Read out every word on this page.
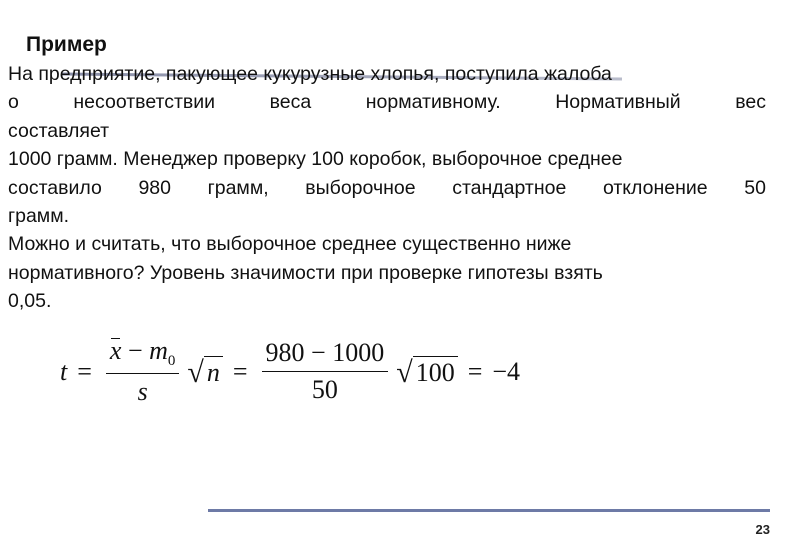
Пример
На предприятие, пакующее кукурузные хлопья, поступила жалоба
о	несоответствии	веса	нормативному.	Нормативный	вес
составляет
1000 грамм. Менеджер проверку 100 коробок, выборочное среднее
составило 980 грамм, выборочное стандартное отклонение 50
грамм.
Можно и считать, что выборочное среднее существенно ниже
нормативного? Уровень значимости при проверке гипотезы взять
0,05.
$t = \frac{x - m_0}{s}$ √ $n = \frac{980 - 1000}{50}$ √ 100 = −4
23
